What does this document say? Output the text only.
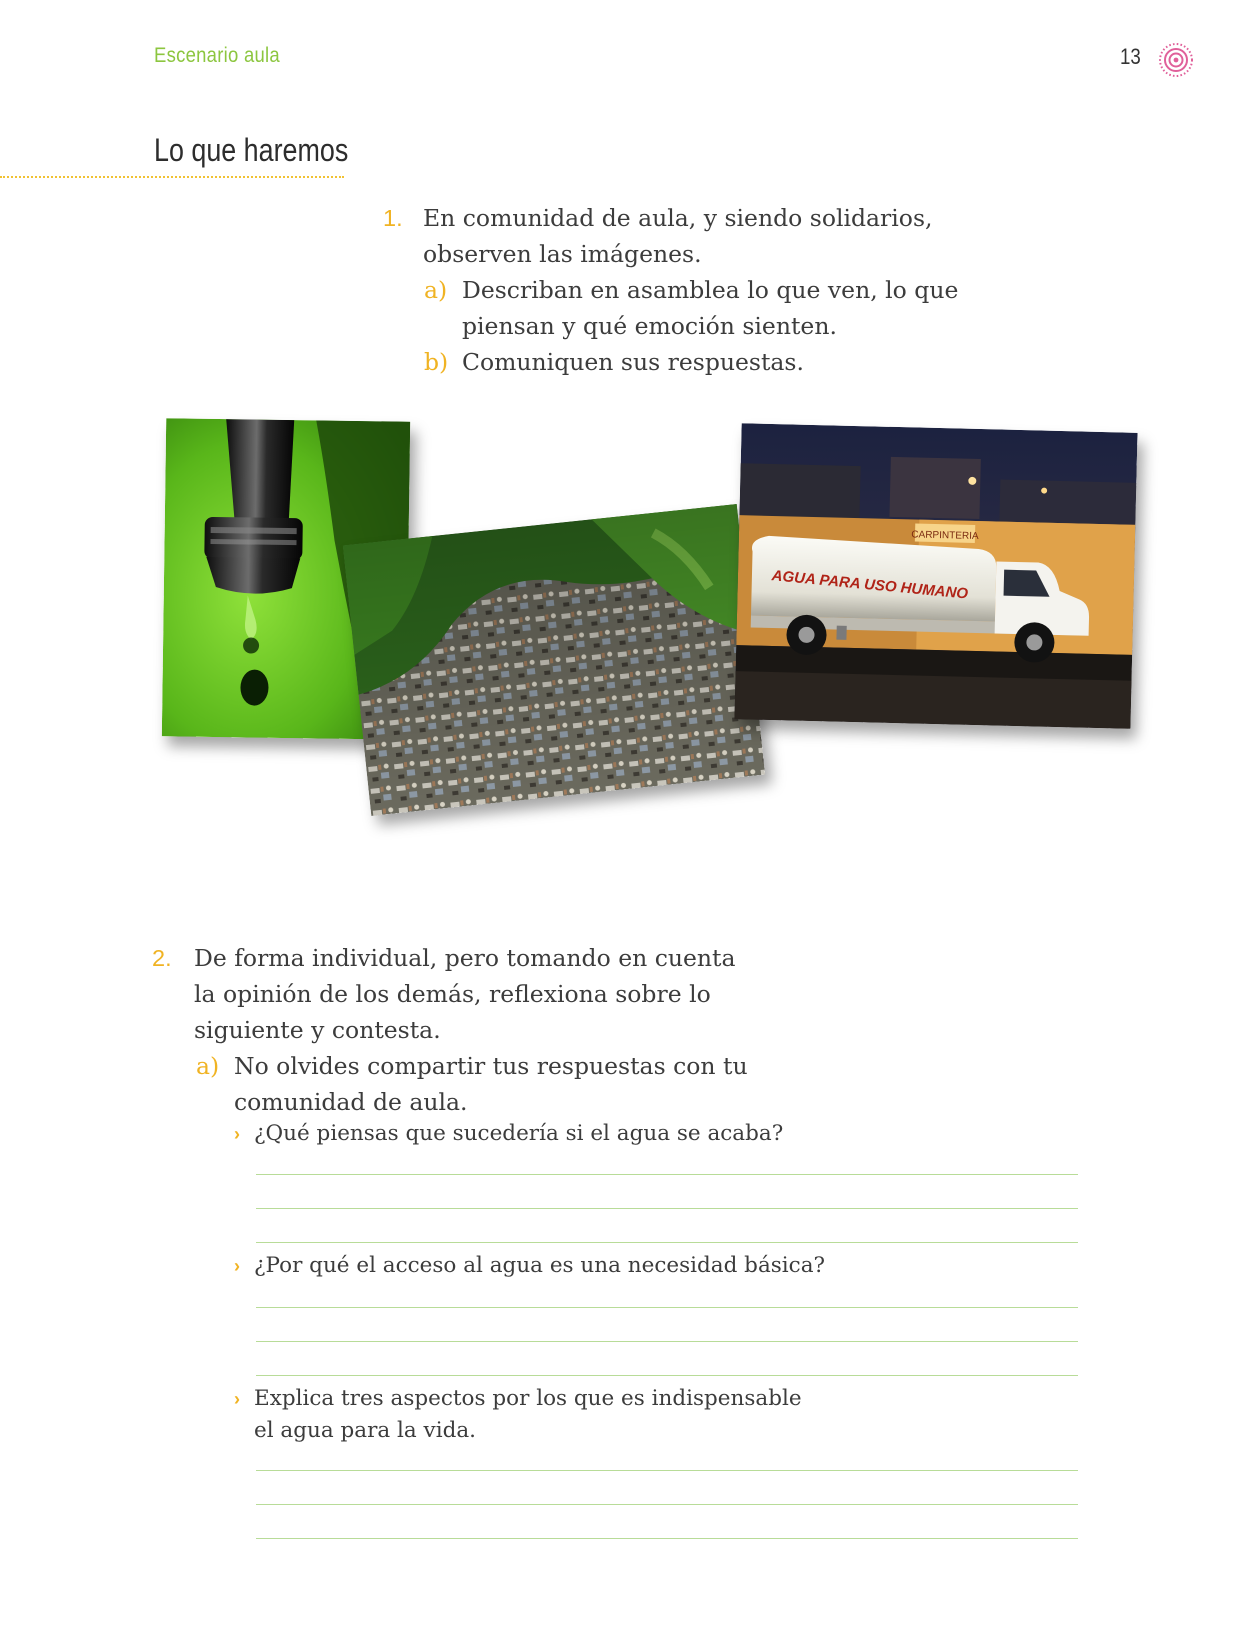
Escenario aula	13
Lo que haremos
1. En comunidad de aula, y siendo solidarios,
observen las imágenes.
a) Describan en asamblea lo que ven, lo que
piensan y qué emoción sienten.
b) Comuniquen sus respuestas.
CARPINTERIA
AGUA PARA USO HUMANO
2. De forma individual, pero tomando en cuenta
la opinión de los demás, reflexiona sobre lo
siguiente y contesta.
a) No olvides compartir tus respuestas con tu
comunidad de aula.
› ¿Qué piensas que sucedería si el agua se acaba?
› ¿Por qué el acceso al agua es una necesidad básica?
› Explica tres aspectos por los que es indispensable
el agua para la vida.
